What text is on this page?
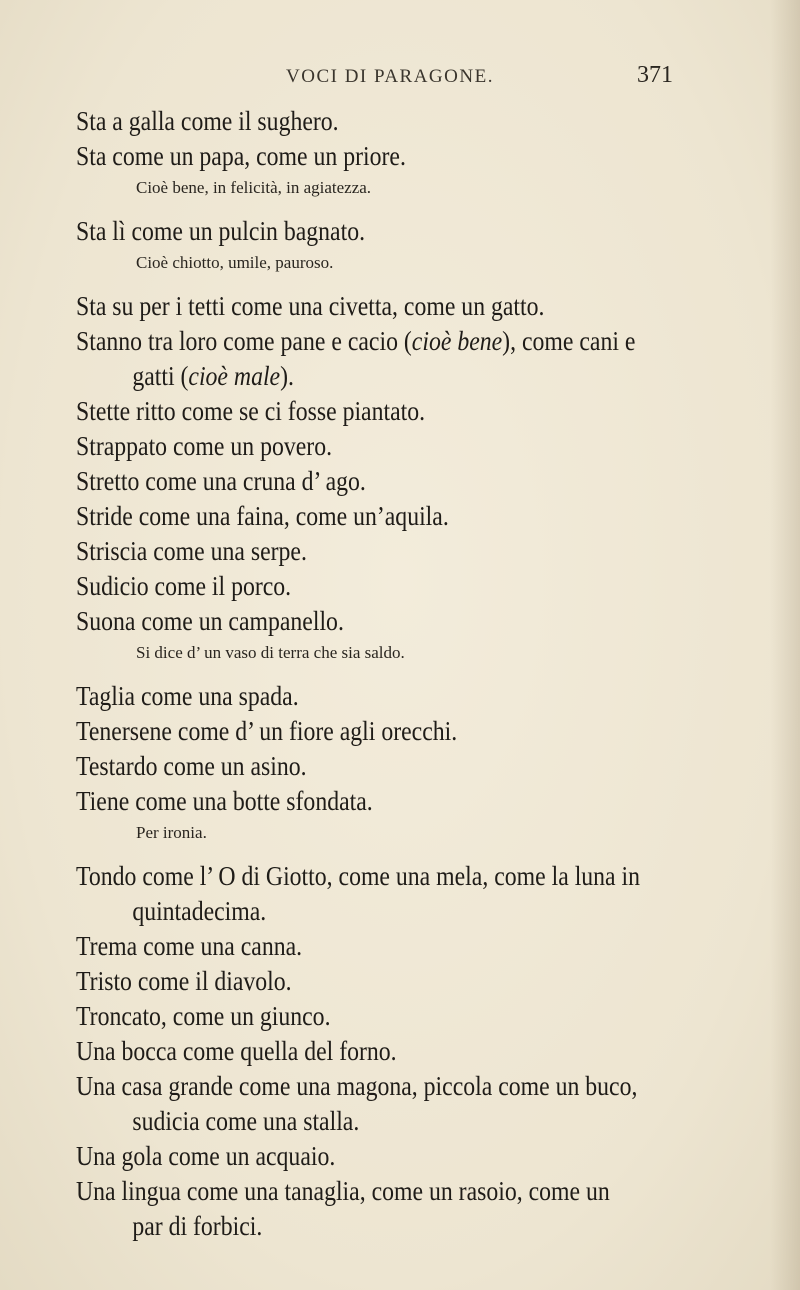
VOCI DI PARAGONE.	371
Sta a galla come il sughero.
Sta come un papa, come un priore.
Cioè bene, in felicità, in agiatezza.
Sta lì come un pulcin bagnato.
Cioè chiotto, umile, pauroso.
Sta su per i tetti come una civetta, come un gatto.
Stanno tra loro come pane e cacio (cioè bene), come cani e
gatti (cioè male).
Stette ritto come se ci fosse piantato.
Strappato come un povero.
Stretto come una cruna d’ ago.
Stride come una faina, come un’aquila.
Striscia come una serpe.
Sudicio come il porco.
Suona come un campanello.
Si dice d’ un vaso di terra che sia saldo.
Taglia come una spada.
Tenersene come d’ un fiore agli orecchi.
Testardo come un asino.
Tiene come una botte sfondata.
Per ironia.
Tondo come l’ O di Giotto, come una mela, come la luna in
quintadecima.
Trema come una canna.
Tristo come il diavolo.
Troncato, come un giunco.
Una bocca come quella del forno.
Una casa grande come una magona, piccola come un buco,
sudicia come una stalla.
Una gola come un acquaio.
Una lingua come una tanaglia, come un rasoio, come un
par di forbici.
